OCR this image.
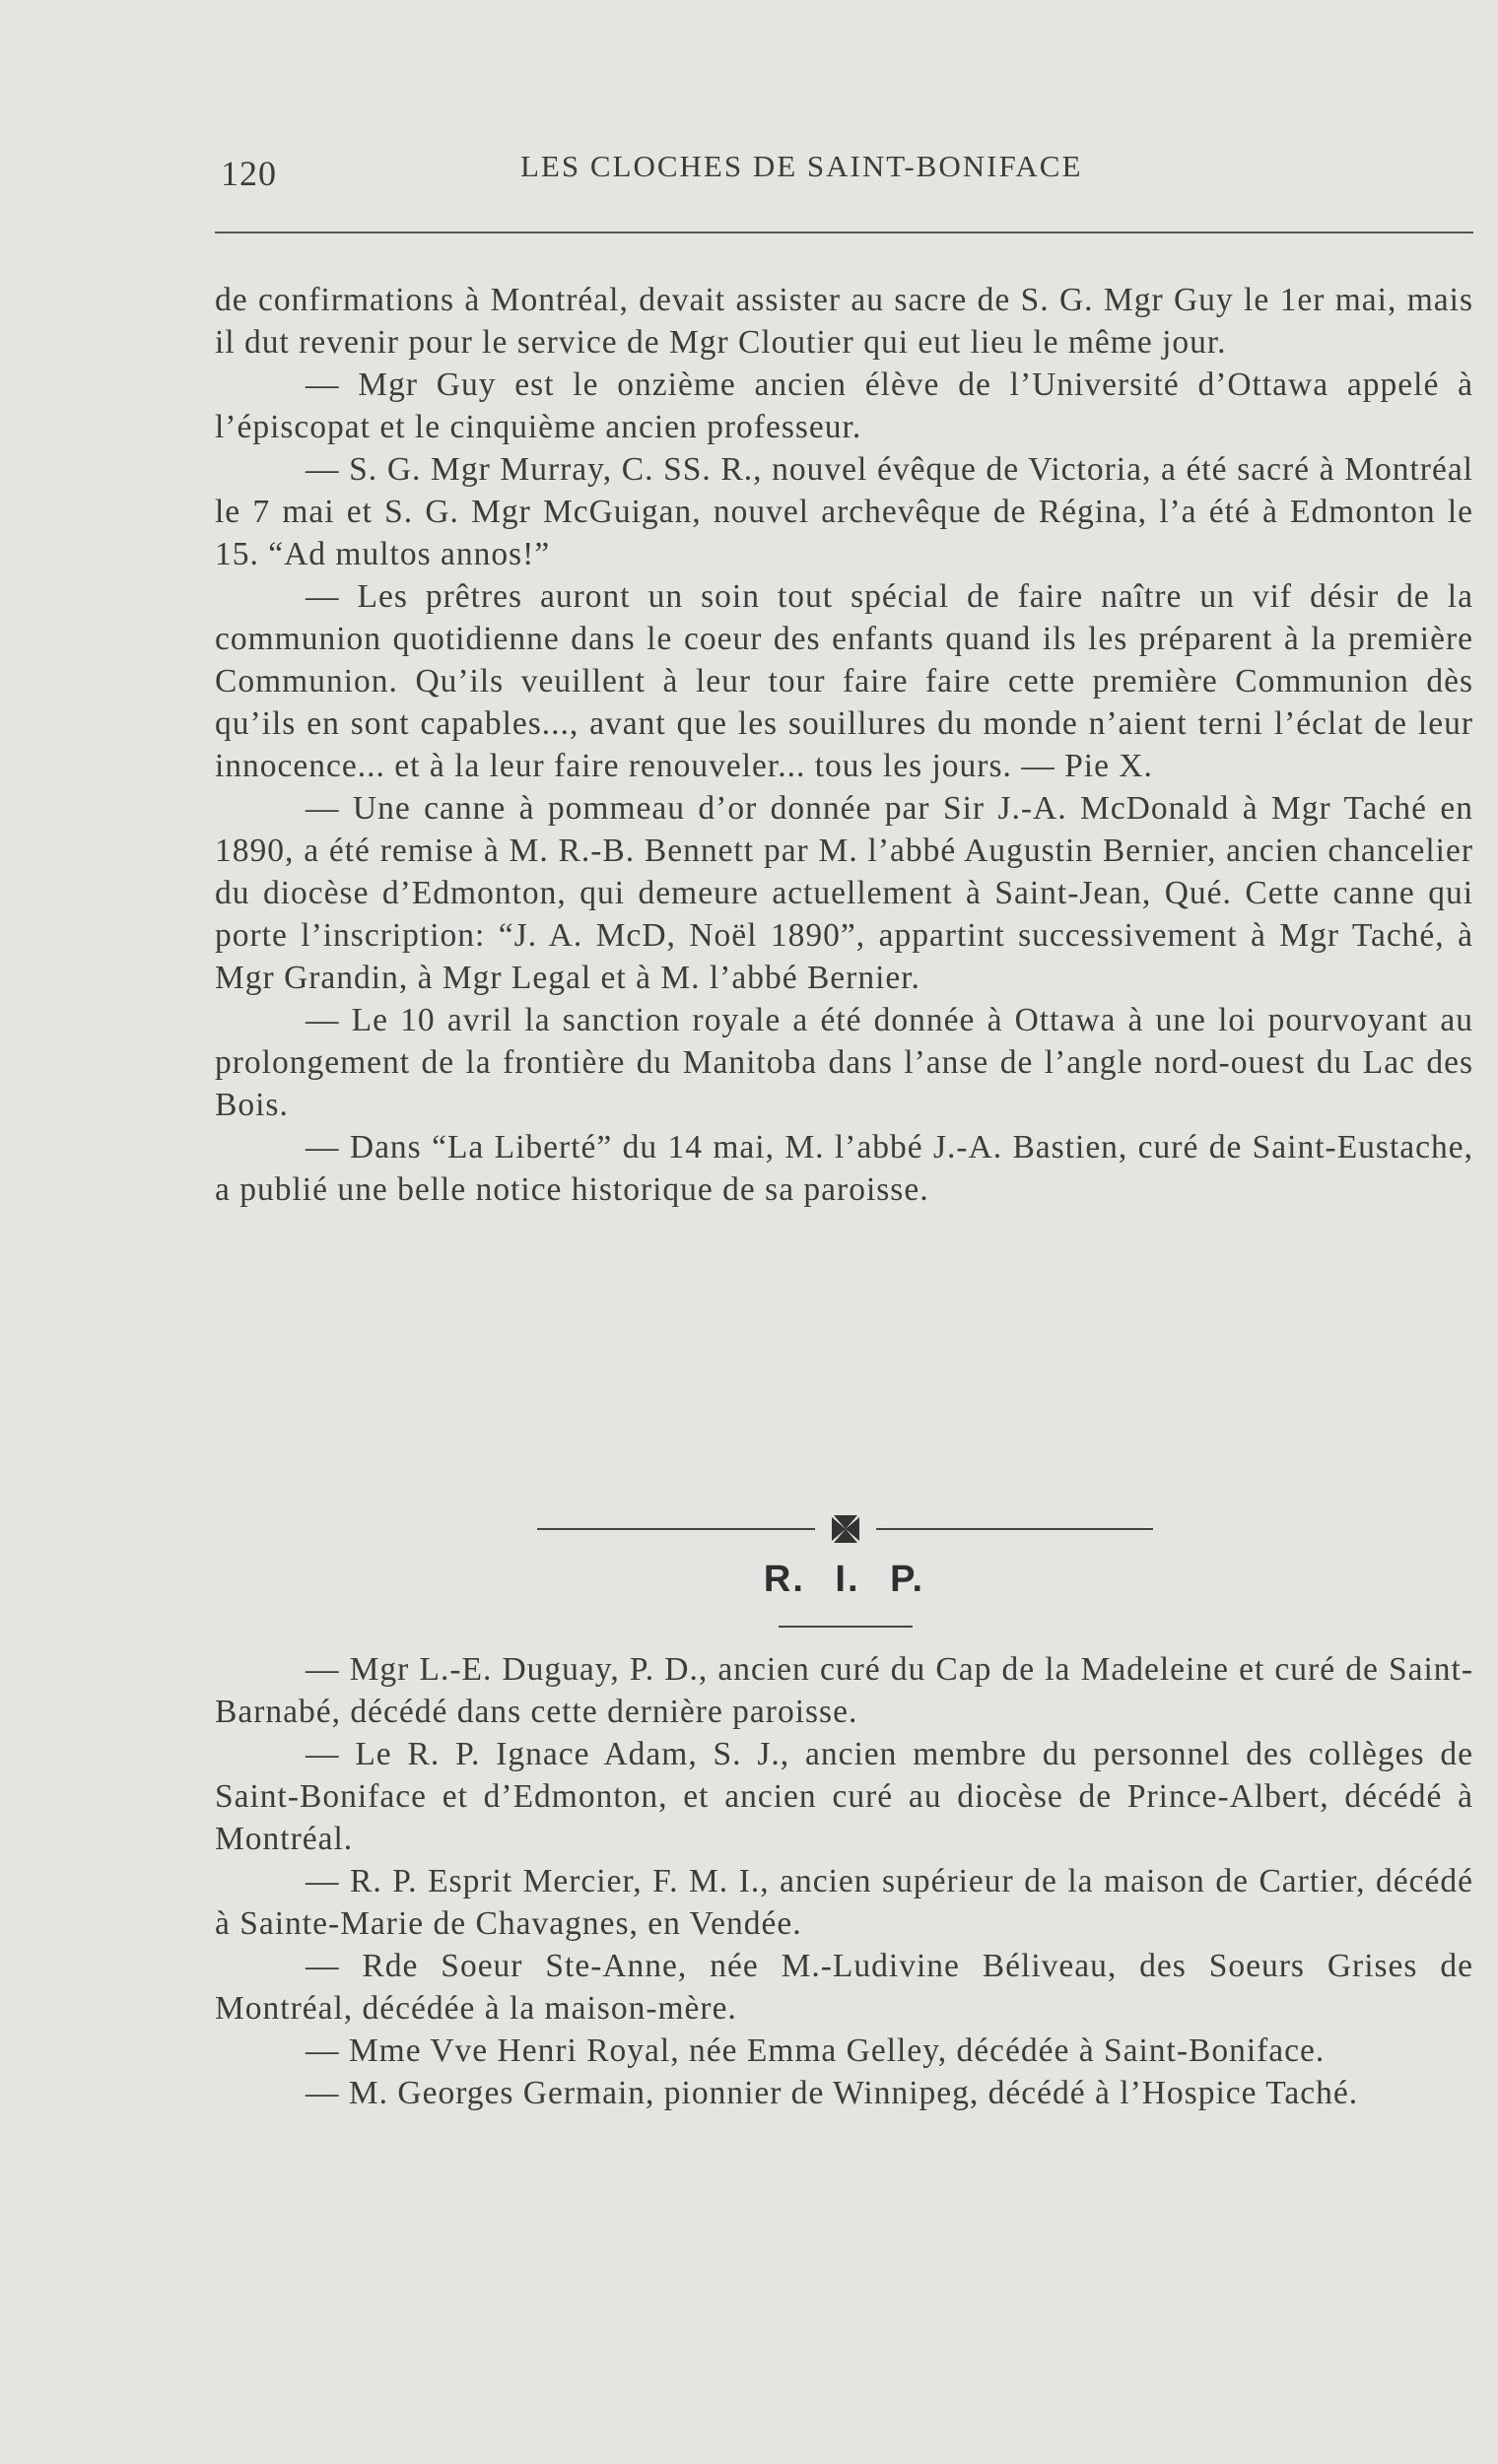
120	LES CLOCHES DE SAINT-BONIFACE

de confirmations à Montréal, devait assister au sacre de S. G. Mgr Guy le 1er mai, mais il dut revenir pour le service de Mgr Cloutier qui eut lieu le même jour.

— Mgr Guy est le onzième ancien élève de l’Université d’Ottawa appelé à l’épiscopat et le cinquième ancien professeur.

— S. G. Mgr Murray, C. SS. R., nouvel évêque de Victoria, a été sacré à Montréal le 7 mai et S. G. Mgr McGuigan, nouvel archevêque de Régina, l’a été à Edmonton le 15. “Ad multos annos!”

— Les prêtres auront un soin tout spécial de faire naître un vif désir de la communion quotidienne dans le coeur des enfants quand ils les préparent à la première Communion. Qu’ils veuillent à leur tour faire faire cette première Communion dès qu’ils en sont capables..., avant que les souillures du monde n’aient terni l’éclat de leur innocence... et à la leur faire renouveler... tous les jours. — Pie X.

— Une canne à pommeau d’or donnée par Sir J.-A. McDonald à Mgr Taché en 1890, a été remise à M. R.-B. Bennett par M. l’abbé Augustin Bernier, ancien chancelier du diocèse d’Edmonton, qui demeure actuellement à Saint-Jean, Qué. Cette canne qui porte l’inscription: “J. A. McD, Noël 1890”, appartint successivement à Mgr Taché, à Mgr Grandin, à Mgr Legal et à M. l’abbé Bernier.

— Le 10 avril la sanction royale a été donnée à Ottawa à une loi pourvoyant au prolongement de la frontière du Manitoba dans l’anse de l’angle nord-ouest du Lac des Bois.

— Dans “La Liberté” du 14 mai, M. l’abbé J.-A. Bastien, curé de Saint-Eustache, a publié une belle notice historique de sa paroisse.

R. I. P.

— Mgr L.-E. Duguay, P. D., ancien curé du Cap de la Madeleine et curé de Saint-Barnabé, décédé dans cette dernière paroisse.

— Le R. P. Ignace Adam, S. J., ancien membre du personnel des collèges de Saint-Boniface et d’Edmonton, et ancien curé au diocèse de Prince-Albert, décédé à Montréal.

— R. P. Esprit Mercier, F. M. I., ancien supérieur de la maison de Cartier, décédé à Sainte-Marie de Chavagnes, en Vendée.

— Rde Soeur Ste-Anne, née M.-Ludivine Béliveau, des Soeurs Grises de Montréal, décédée à la maison-mère.

— Mme Vve Henri Royal, née Emma Gelley, décédée à Saint-Boniface.

— M. Georges Germain, pionnier de Winnipeg, décédé à l’Hospice Taché.
